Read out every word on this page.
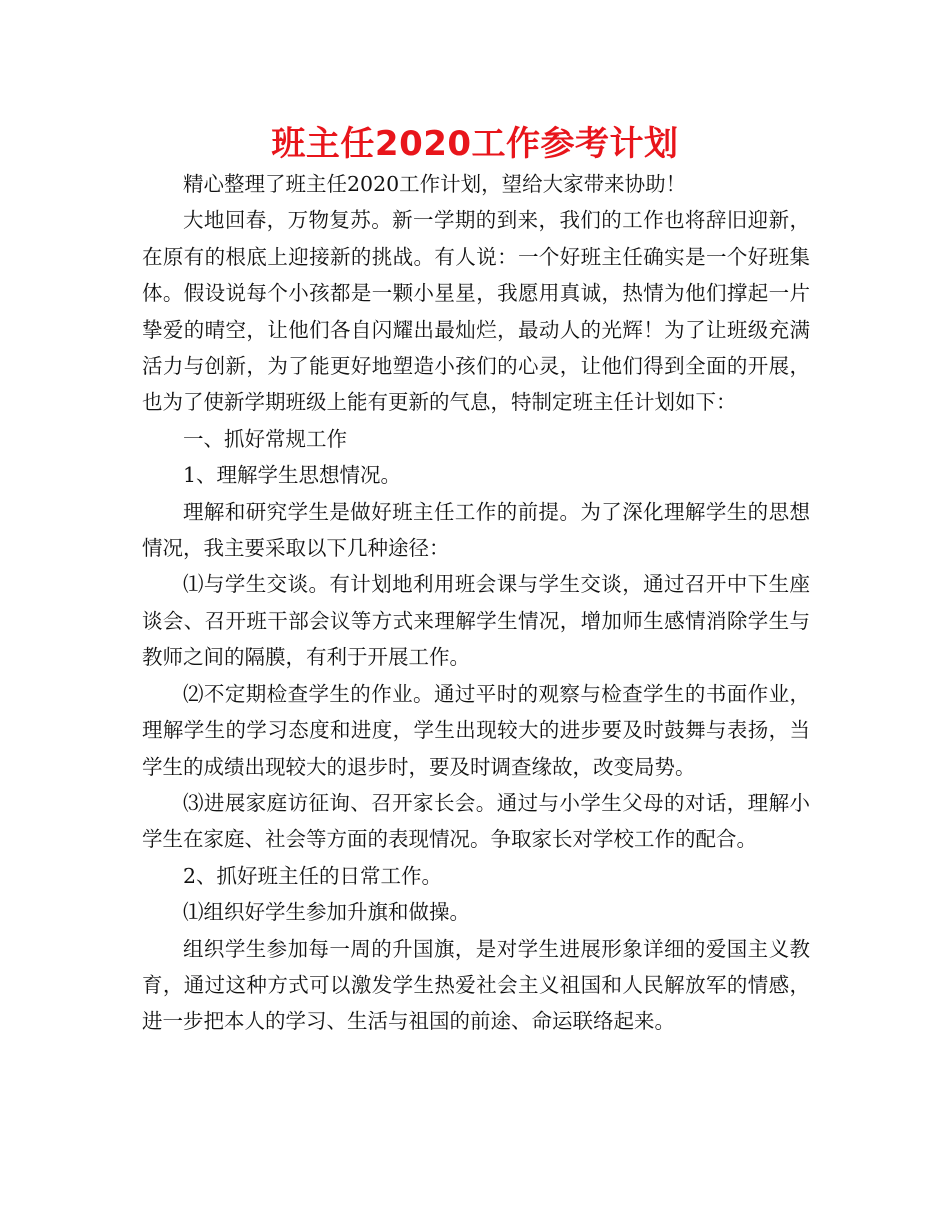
班主任2020工作参考计划

精心整理了班主任2020工作计划，望给大家带来协助！

大地回春，万物复苏。新一学期的到来，我们的工作也将辞旧迎新，在原有的根底上迎接新的挑战。有人说：一个好班主任确实是一个好班集体。假设说每个小孩都是一颗小星星，我愿用真诚，热情为他们撑起一片挚爱的晴空，让他们各自闪耀出最灿烂，最动人的光辉！为了让班级充满活力与创新，为了能更好地塑造小孩们的心灵，让他们得到全面的开展，也为了使新学期班级上能有更新的气息，特制定班主任计划如下：

一、抓好常规工作

1、理解学生思想情况。

理解和研究学生是做好班主任工作的前提。为了深化理解学生的思想情况，我主要采取以下几种途径：

⑴与学生交谈。有计划地利用班会课与学生交谈，通过召开中下生座谈会、召开班干部会议等方式来理解学生情况，增加师生感情消除学生与教师之间的隔膜，有利于开展工作。

⑵不定期检查学生的作业。通过平时的观察与检查学生的书面作业，理解学生的学习态度和进度，学生出现较大的进步要及时鼓舞与表扬，当学生的成绩出现较大的退步时，要及时调查缘故，改变局势。

⑶进展家庭访征询、召开家长会。通过与小学生父母的对话，理解小学生在家庭、社会等方面的表现情况。争取家长对学校工作的配合。

2、抓好班主任的日常工作。

⑴组织好学生参加升旗和做操。

组织学生参加每一周的升国旗，是对学生进展形象详细的爱国主义教育，通过这种方式可以激发学生热爱社会主义祖国和人民解放军的情感，进一步把本人的学习、生活与祖国的前途、命运联络起来。
